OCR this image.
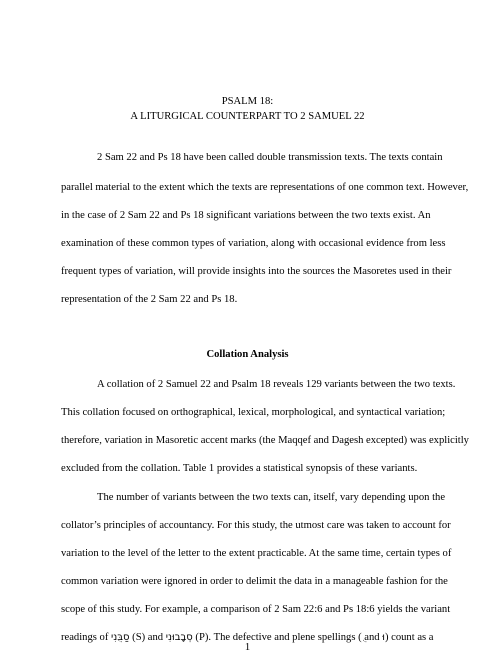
PSALM 18:
A LITURGICAL COUNTERPART TO 2 SAMUEL 22
2 Sam 22 and Ps 18 have been called double transmission texts. The texts contain
parallel material to the extent which the texts are representations of one common text. However,
in the case of 2 Sam 22 and Ps 18 significant variations between the two texts exist. An
examination of these common types of variation, along with occasional evidence from less
frequent types of variation, will provide insights into the sources the Masoretes used in their
representation of the 2 Sam 22 and Ps 18.
Collation Analysis
A collation of 2 Samuel 22 and Psalm 18 reveals 129 variants between the two texts.
This collation focused on orthographical, lexical, morphological, and syntactical variation;
therefore, variation in Masoretic accent marks (the Maqqef and Dagesh excepted) was explicitly
excluded from the collation. Table 1 provides a statistical synopsis of these variants.
The number of variants between the two texts can, itself, vary depending upon the
collator’s principles of accountancy. For this study, the utmost care was taken to account for
variation to the level of the letter to the extent practicable. At the same time, certain types of
common variation were ignored in order to delimit the data in a manageable fashion for the
scope of this study. For example, a comparison of 2 Sam 22:6 and Ps 18:6 yields the variant
readings of סַבֻּנִי (S) and סְבָבוּנִי (P). The defective and plene spellings ( and וּ) count as a
1
